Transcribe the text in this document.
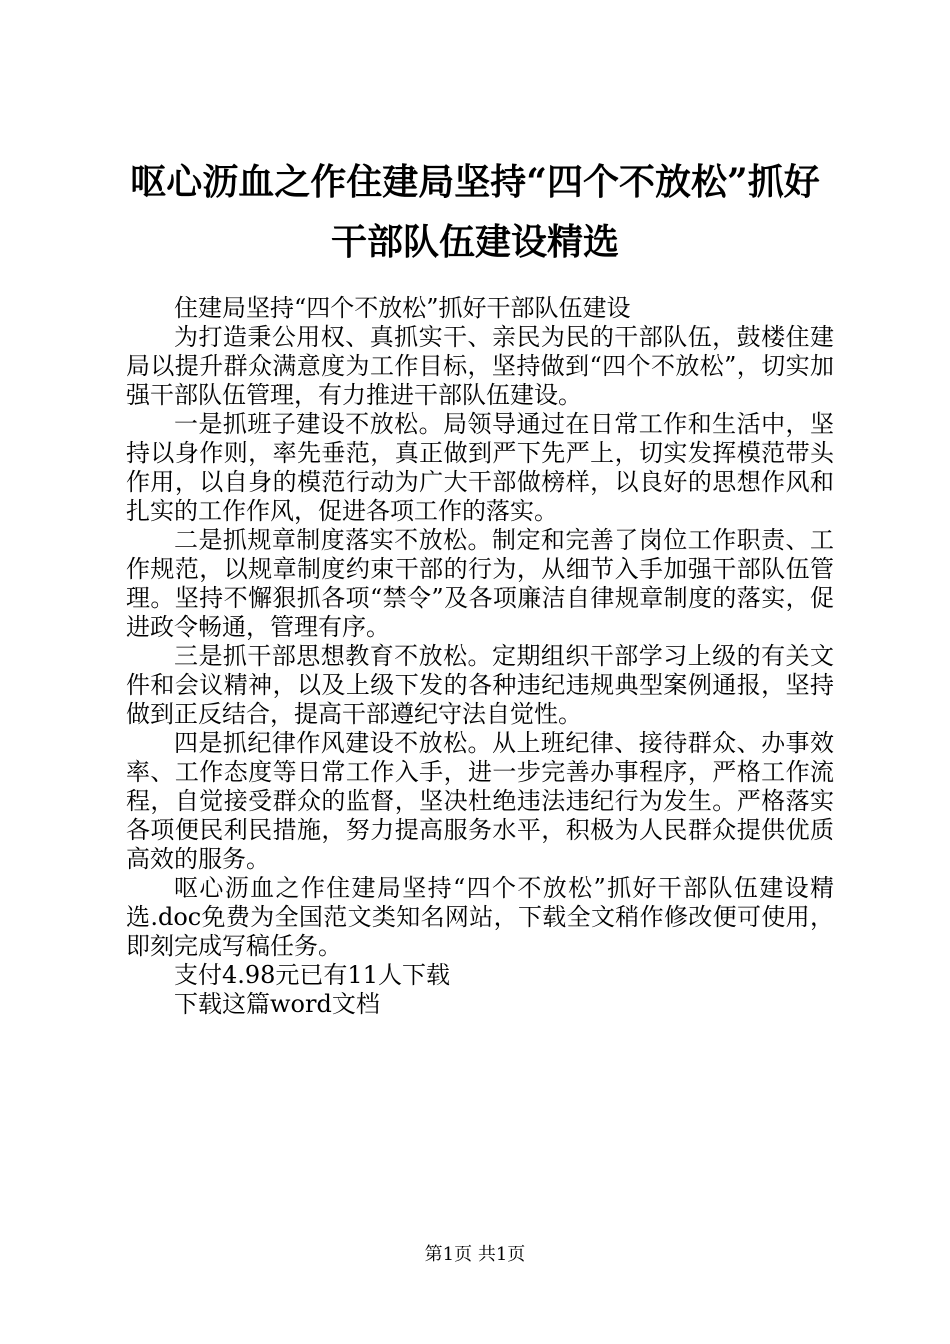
呕心沥血之作住建局坚持“四个不放松”抓好
干部队伍建设精选

住建局坚持“四个不放松”抓好干部队伍建设

为打造秉公用权、真抓实干、亲民为民的干部队伍，鼓楼住建局以提升群众满意度为工作目标，坚持做到“四个不放松”，切实加强干部队伍管理，有力推进干部队伍建设。

一是抓班子建设不放松。局领导通过在日常工作和生活中，坚持以身作则，率先垂范，真正做到严下先严上，切实发挥模范带头作用，以自身的模范行动为广大干部做榜样，以良好的思想作风和扎实的工作作风，促进各项工作的落实。

二是抓规章制度落实不放松。制定和完善了岗位工作职责、工作规范，以规章制度约束干部的行为，从细节入手加强干部队伍管理。坚持不懈狠抓各项“禁令”及各项廉洁自律规章制度的落实，促进政令畅通，管理有序。

三是抓干部思想教育不放松。定期组织干部学习上级的有关文件和会议精神，以及上级下发的各种违纪违规典型案例通报，坚持做到正反结合，提高干部遵纪守法自觉性。

四是抓纪律作风建设不放松。从上班纪律、接待群众、办事效率、工作态度等日常工作入手，进一步完善办事程序，严格工作流程，自觉接受群众的监督，坚决杜绝违法违纪行为发生。严格落实各项便民利民措施，努力提高服务水平，积极为人民群众提供优质高效的服务。

呕心沥血之作住建局坚持“四个不放松”抓好干部队伍建设精选.doc免费为全国范文类知名网站，下载全文稍作修改便可使用，即刻完成写稿任务。

支付4.98元已有11人下载

下载这篇word文档

第1页 共1页
